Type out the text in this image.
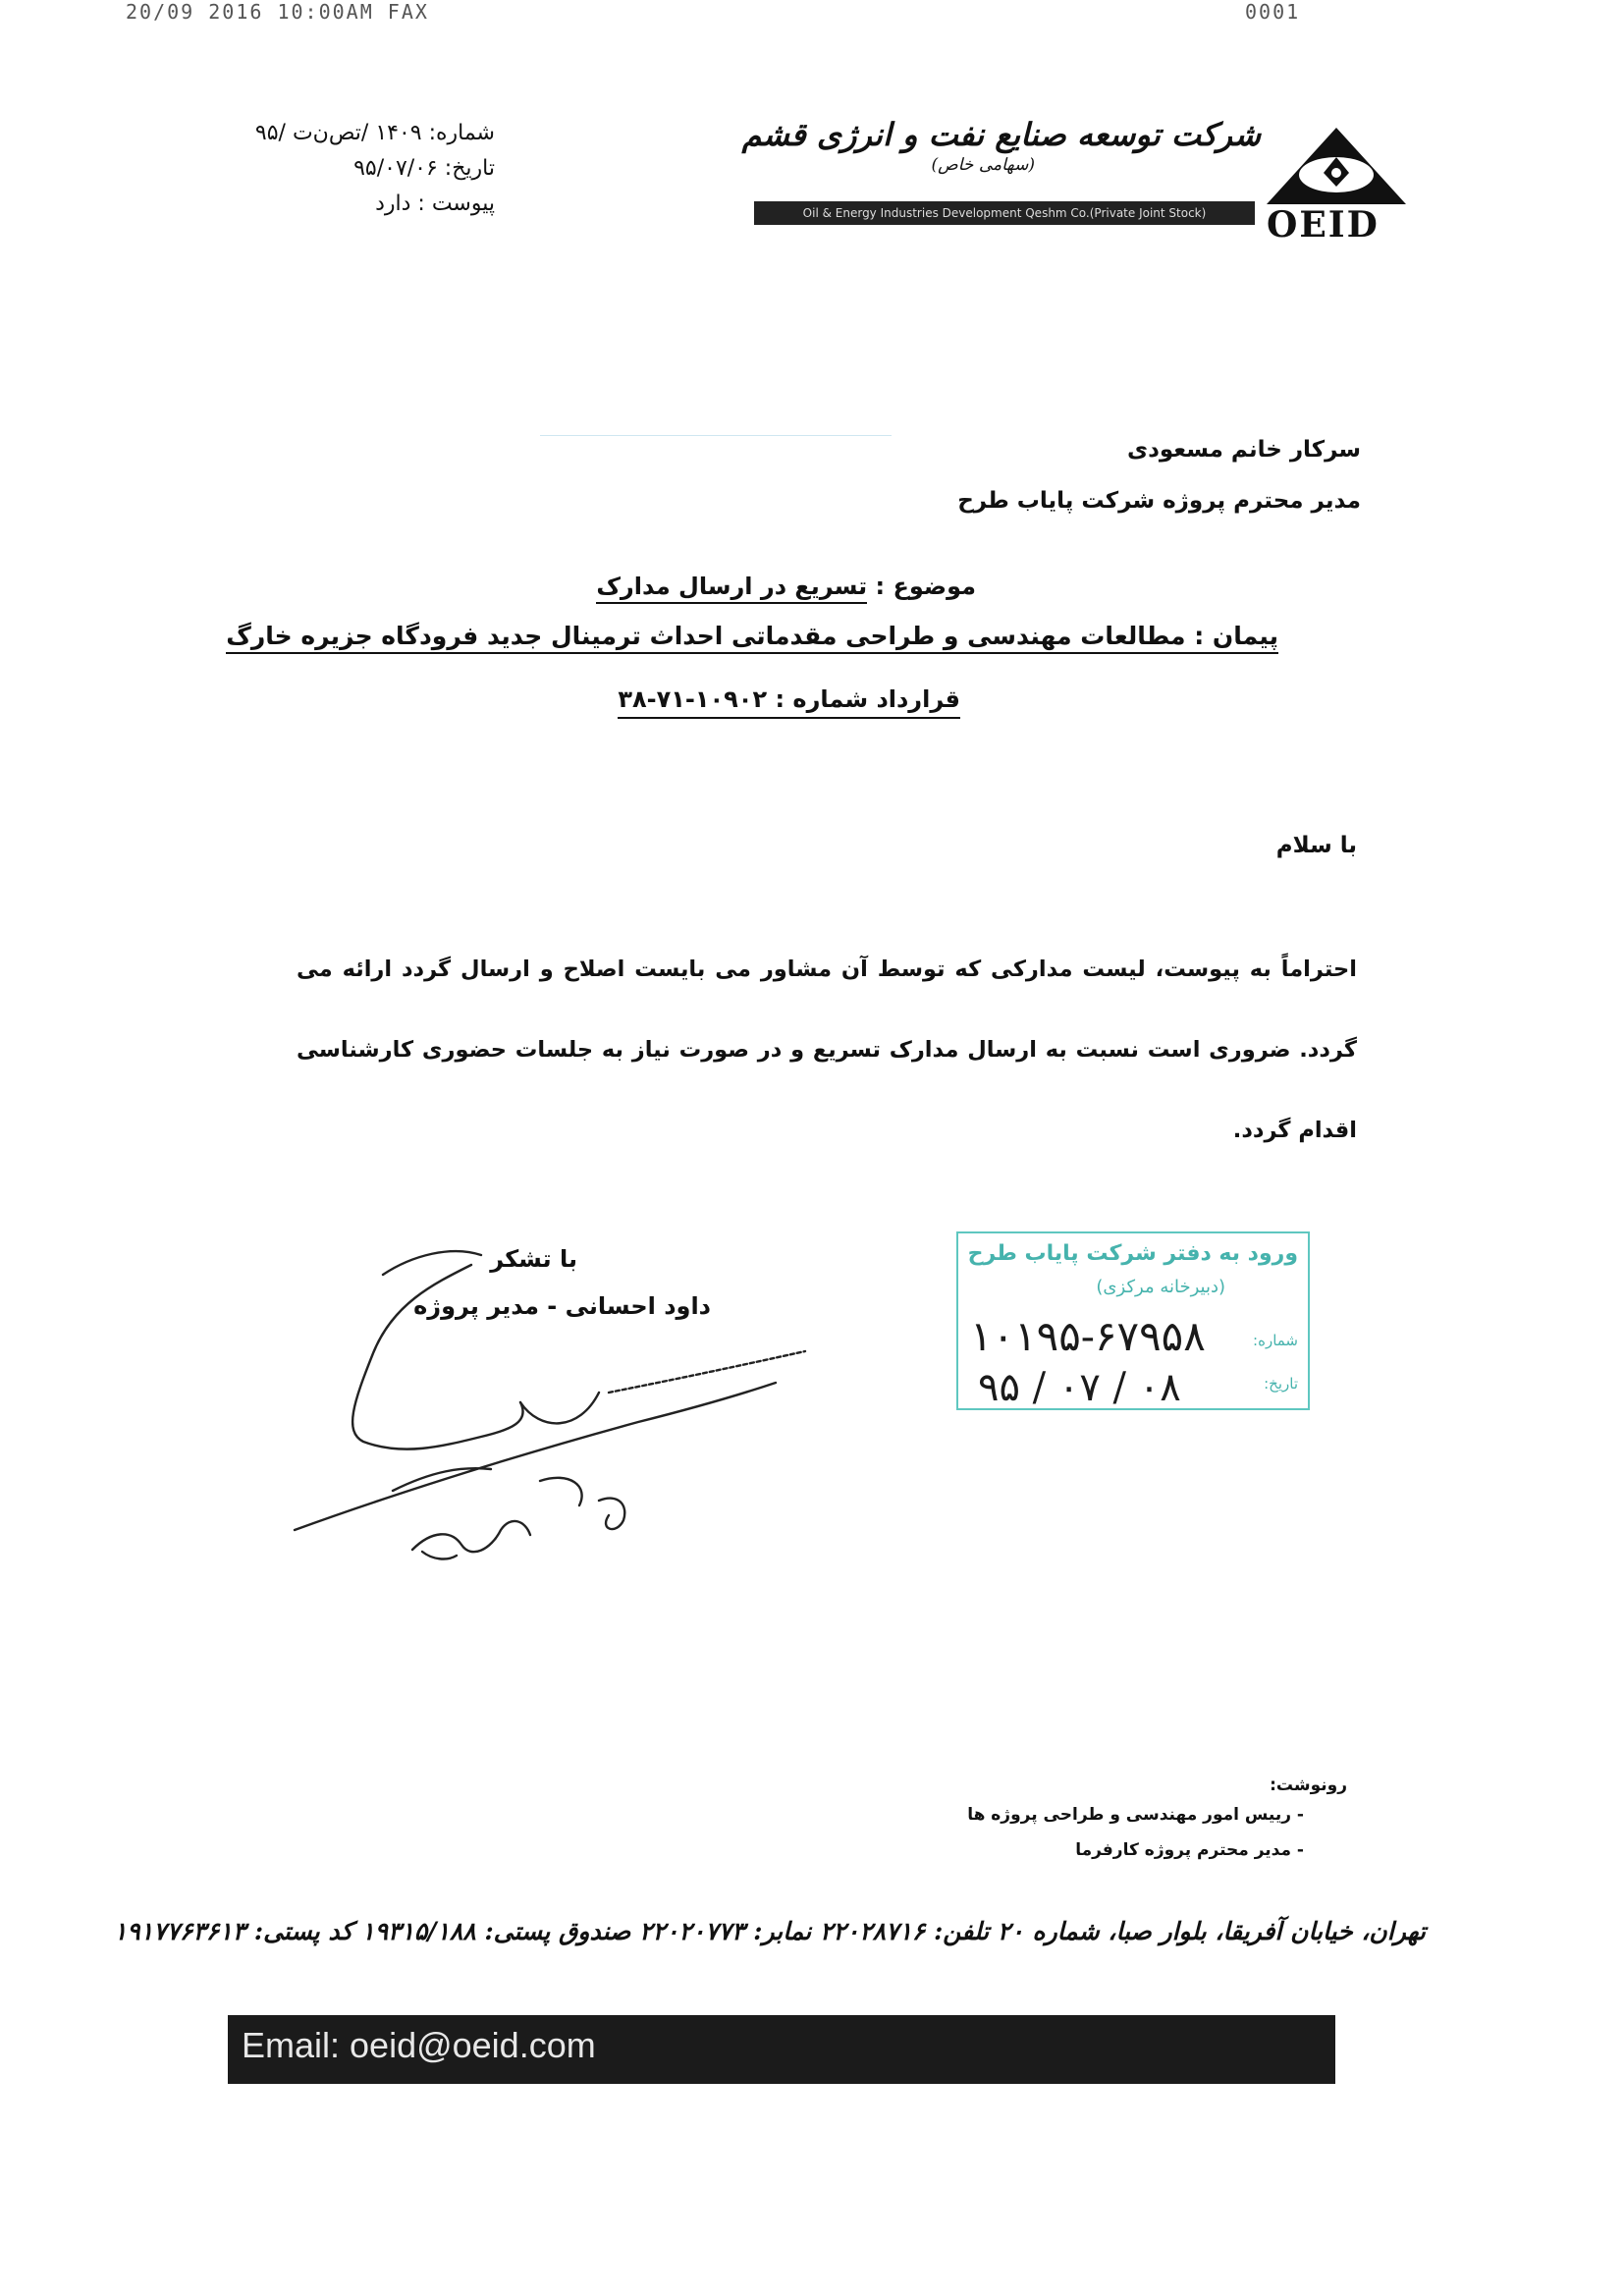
20/09 2016 10:00AM FAX	0001
شماره: ۱۴۰۹ /تص‌ن‌ت /۹۵
تاریخ: ۹۵/۰۷/۰۶
پیوست : دارد
شرکت توسعه صنایع نفت و انرژی قشم
(سهامی خاص)
Oil & Energy Industries Development Qeshm Co.(Private Joint Stock)	OEID
سرکار خانم مسعودی
مدیر محترم پروژه شرکت پایاب طرح
موضوع : تسریع در ارسال مدارک
پیمان : مطالعات مهندسی و طراحی مقدماتی احداث ترمینال جدید فرودگاه جزیره خارگ
قرارداد شماره : ۱۰۹۰۲-۷۱-۳۸
با سلام
احتراماً به پیوست، لیست مدارکی که توسط آن مشاور می بایست اصلاح و ارسال گردد ارائه می گردد. ضروری است نسبت به ارسال مدارک تسریع و در صورت نیاز به جلسات حضوری کارشناسی اقدام گردد.
ورود به دفتر شرکت پایاب طرح
(دبیرخانه مرکزی)
شماره:
تاریخ:
۱۰۱۹۵-۶۷۹۵۸
۹۵ / ۰۷ / ۰۸
با تشکر
داود احسانی - مدیر پروژه
رونوشت:
- رییس امور مهندسی و طراحی پروژه ها
- مدیر محترم پروژه کارفرما
تهران، خیابان آفریقا، بلوار صبا، شماره ۲۰ تلفن: ۲۲۰۲۸۷۱۶ نمابر: ۲۲۰۲۰۷۷۳ صندوق پستی: ۱۹۳۱۵/۱۸۸ کد پستی: ۱۹۱۷۷۶۳۶۱۳
Email: oeid@oeid.com
